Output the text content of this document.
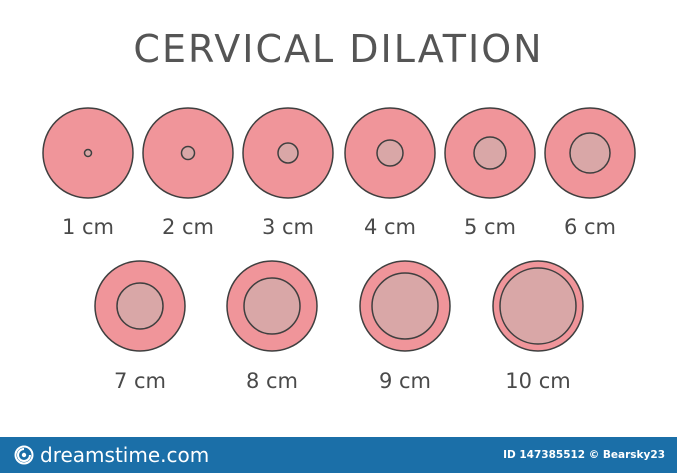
CERVICAL DILATION
1 cm 2 cm 3 cm 4 cm 5 cm 6 cm
7 cm	8 cm	9 cm	10 cm
dreamstime.com	ID 147385512 © Bearsky23
